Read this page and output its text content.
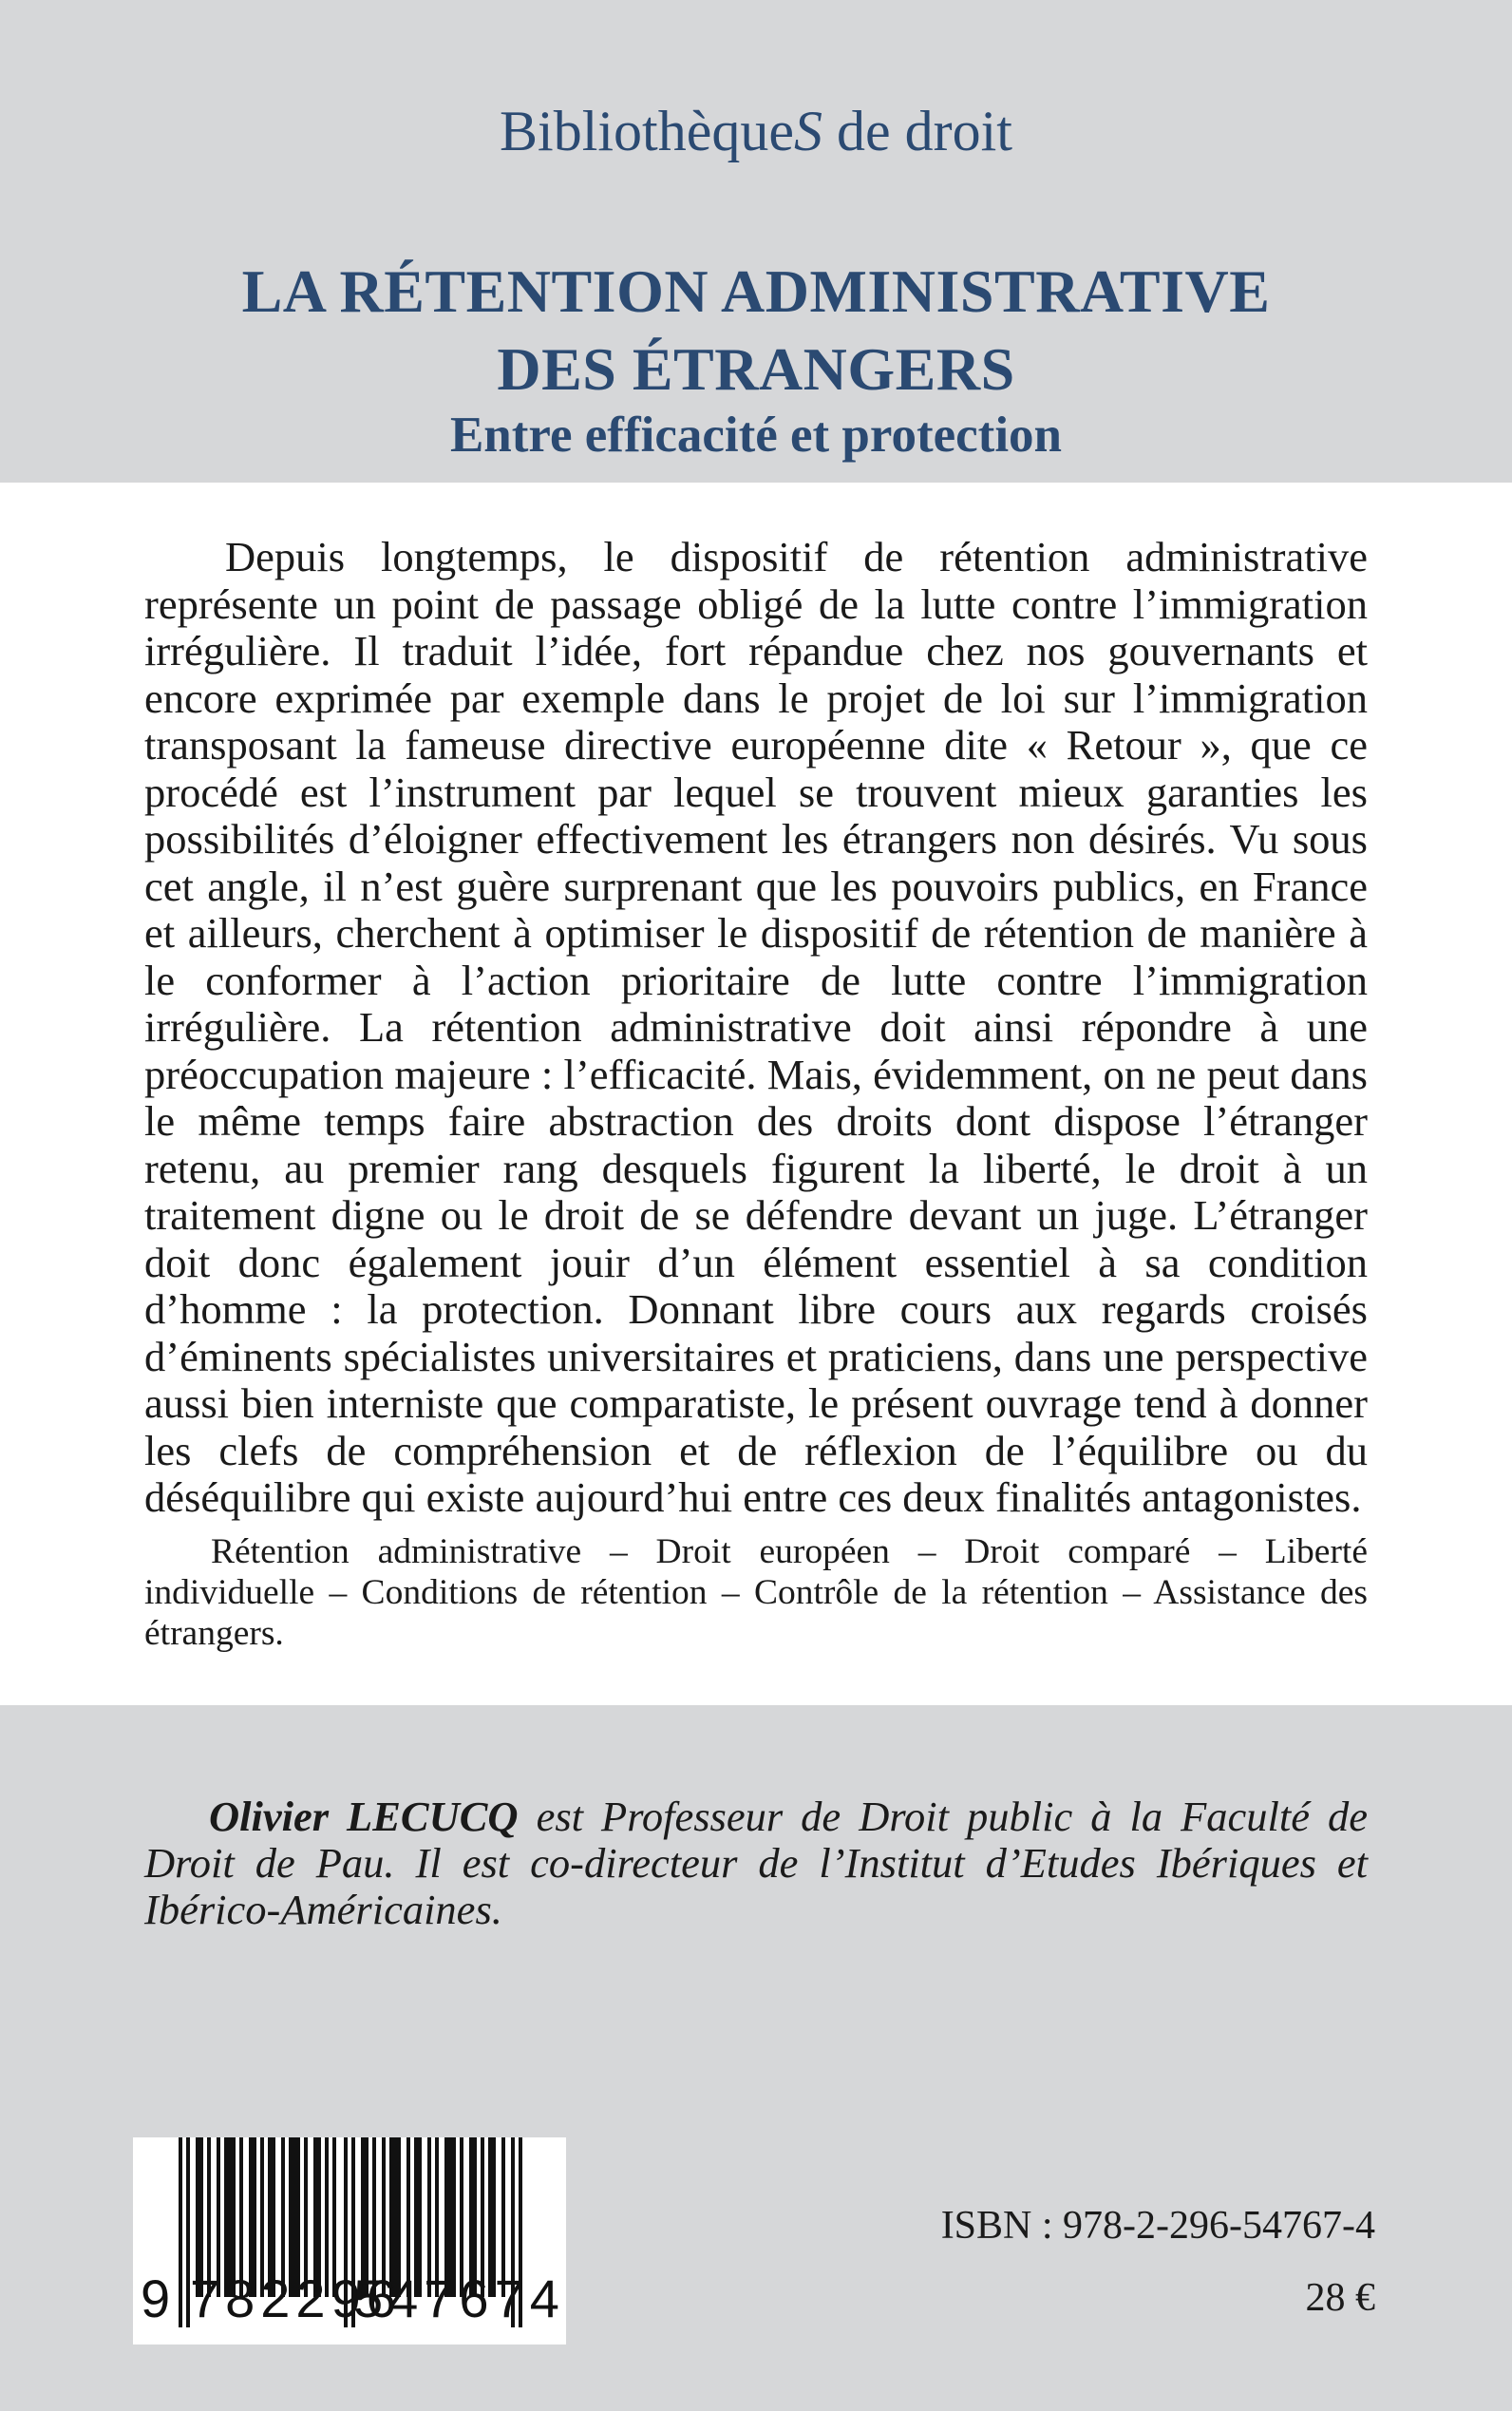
BibliothèqueS de droit
LA RÉTENTION ADMINISTRATIVE
DES ÉTRANGERS
Entre efficacité et protection

Depuis longtemps, le dispositif de rétention administrative représente un point de passage obligé de la lutte contre l’immigration irrégulière. Il traduit l’idée, fort répandue chez nos gouvernants et encore exprimée par exemple dans le projet de loi sur l’immigration transposant la fameuse directive européenne dite « Retour », que ce procédé est l’instrument par lequel se trouvent mieux garanties les possibilités d’éloigner effectivement les étrangers non désirés. Vu sous cet angle, il n’est guère surprenant que les pouvoirs publics, en France et ailleurs, cherchent à optimiser le dispositif de rétention de manière à le conformer à l’action prioritaire de lutte contre l’immigration irrégulière. La rétention administrative doit ainsi répondre à une préoccupation majeure : l’efficacité. Mais, évidemment, on ne peut dans le même temps faire abstraction des droits dont dispose l’étranger retenu, au premier rang desquels figurent la liberté, le droit à un traitement digne ou le droit de se défendre devant un juge. L’étranger doit donc également jouir d’un élément essentiel à sa condition d’homme : la protection. Donnant libre cours aux regards croisés d’éminents spécialistes universitaires et praticiens, dans une perspective aussi bien interniste que comparatiste, le présent ouvrage tend à donner les clefs de compréhension et de réflexion de l’équilibre ou du déséquilibre qui existe aujourd’hui entre ces deux finalités antagonistes.

Rétention administrative – Droit européen – Droit comparé – Liberté individuelle – Conditions de rétention – Contrôle de la rétention – Assistance des étrangers.

Olivier LECUCQ est Professeur de Droit public à la Faculté de Droit de Pau. Il est co-directeur de l’Institut d’Etudes Ibériques et Ibérico-Américaines.

9 782296
547674
ISBN : 978-2-296-54767-4
28 €
